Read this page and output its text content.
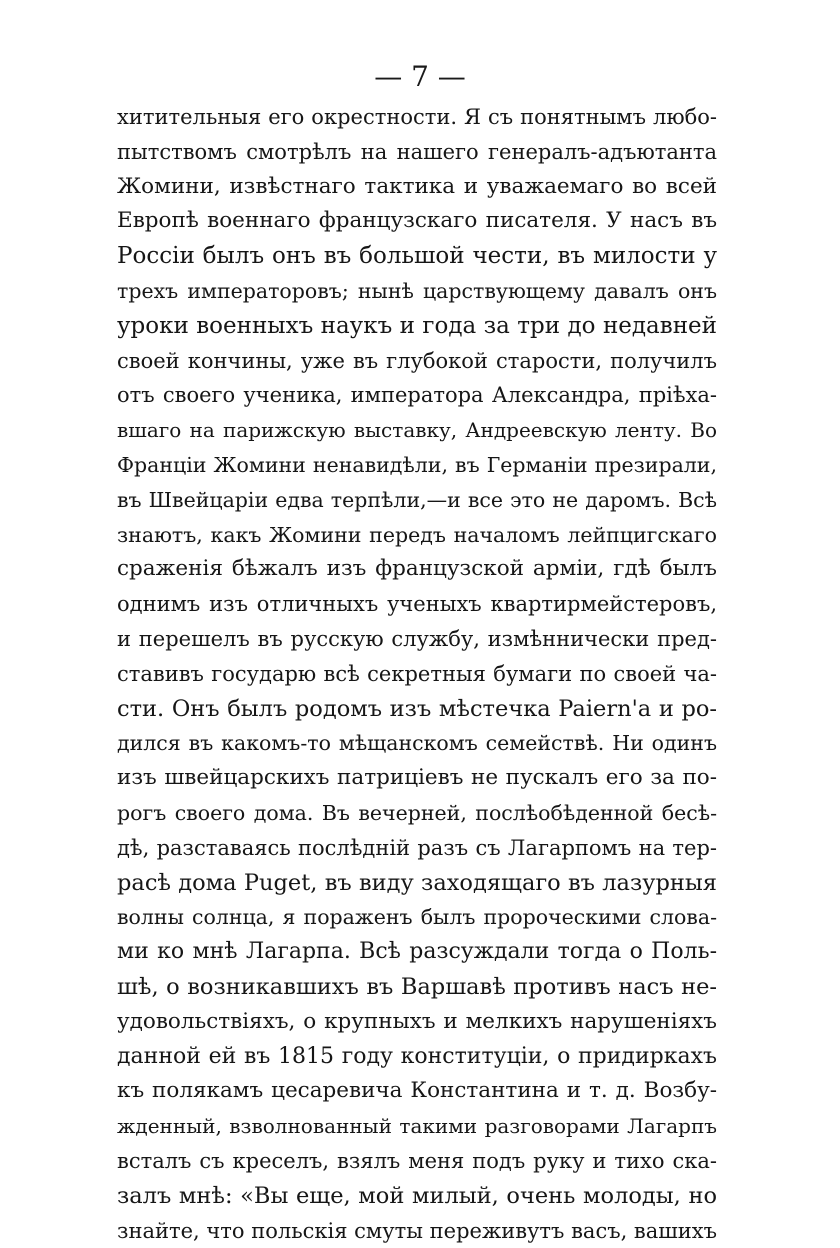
— 7 —
хитительныя его окрестности. Я съ понятнымъ любо-
пытствомъ смотрѣлъ на нашего генералъ-адъютанта
Жомини, извѣстнаго тактика и уважаемаго во всей
Европѣ военнаго французскаго писателя. У насъ въ
Россіи былъ онъ въ большой чести, въ милости у
трехъ императоровъ; нынѣ царствующему давалъ онъ
уроки военныхъ наукъ и года за три до недавней
своей кончины, уже въ глубокой старости, получилъ
отъ своего ученика, императора Александра, пріѣха-
вшаго на парижскую выставку, Андреевскую ленту. Во
Франціи Жомини ненавидѣли, въ Германіи презирали,
въ Швейцаріи едва терпѣли,—и все это не даромъ. Всѣ
знаютъ, какъ Жомини передъ началомъ лейпцигскаго
сраженія бѣжалъ изъ французской арміи, гдѣ былъ
однимъ изъ отличныхъ ученыхъ квартирмейстеровъ,
и перешелъ въ русскую службу, измѣннически пред-
ставивъ государю всѣ секретныя бумаги по своей ча-
сти. Онъ былъ родомъ изъ мѣстечка Paiern'a и ро-
дился въ какомъ-то мѣщанскомъ семействѣ. Ни одинъ
изъ швейцарскихъ патриціевъ не пускалъ его за по-
рогъ своего дома. Въ вечерней, послѣобѣденной бесѣ-
дѣ, разставаясь послѣдній разъ съ Лагарпомъ на тер-
расѣ дома Puget, въ виду заходящаго въ лазурныя
волны солнца, я пораженъ былъ пророческими слова-
ми ко мнѣ Лагарпа. Всѣ разсуждали тогда о Поль-
шѣ, о возникавшихъ въ Варшавѣ противъ насъ не-
удовольствіяхъ, о крупныхъ и мелкихъ нарушеніяхъ
данной ей въ 1815 году конституціи, о придиркахъ
къ полякамъ цесаревича Константина и т. д. Возбу-
жденный, взволнованный такими разговорами Лагарпъ
всталъ съ креселъ, взялъ меня подъ руку и тихо ска-
залъ мнѣ: «Вы еще, мой милый, очень молоды, но
знайте, что польскія смуты переживутъ васъ, вашихъ
